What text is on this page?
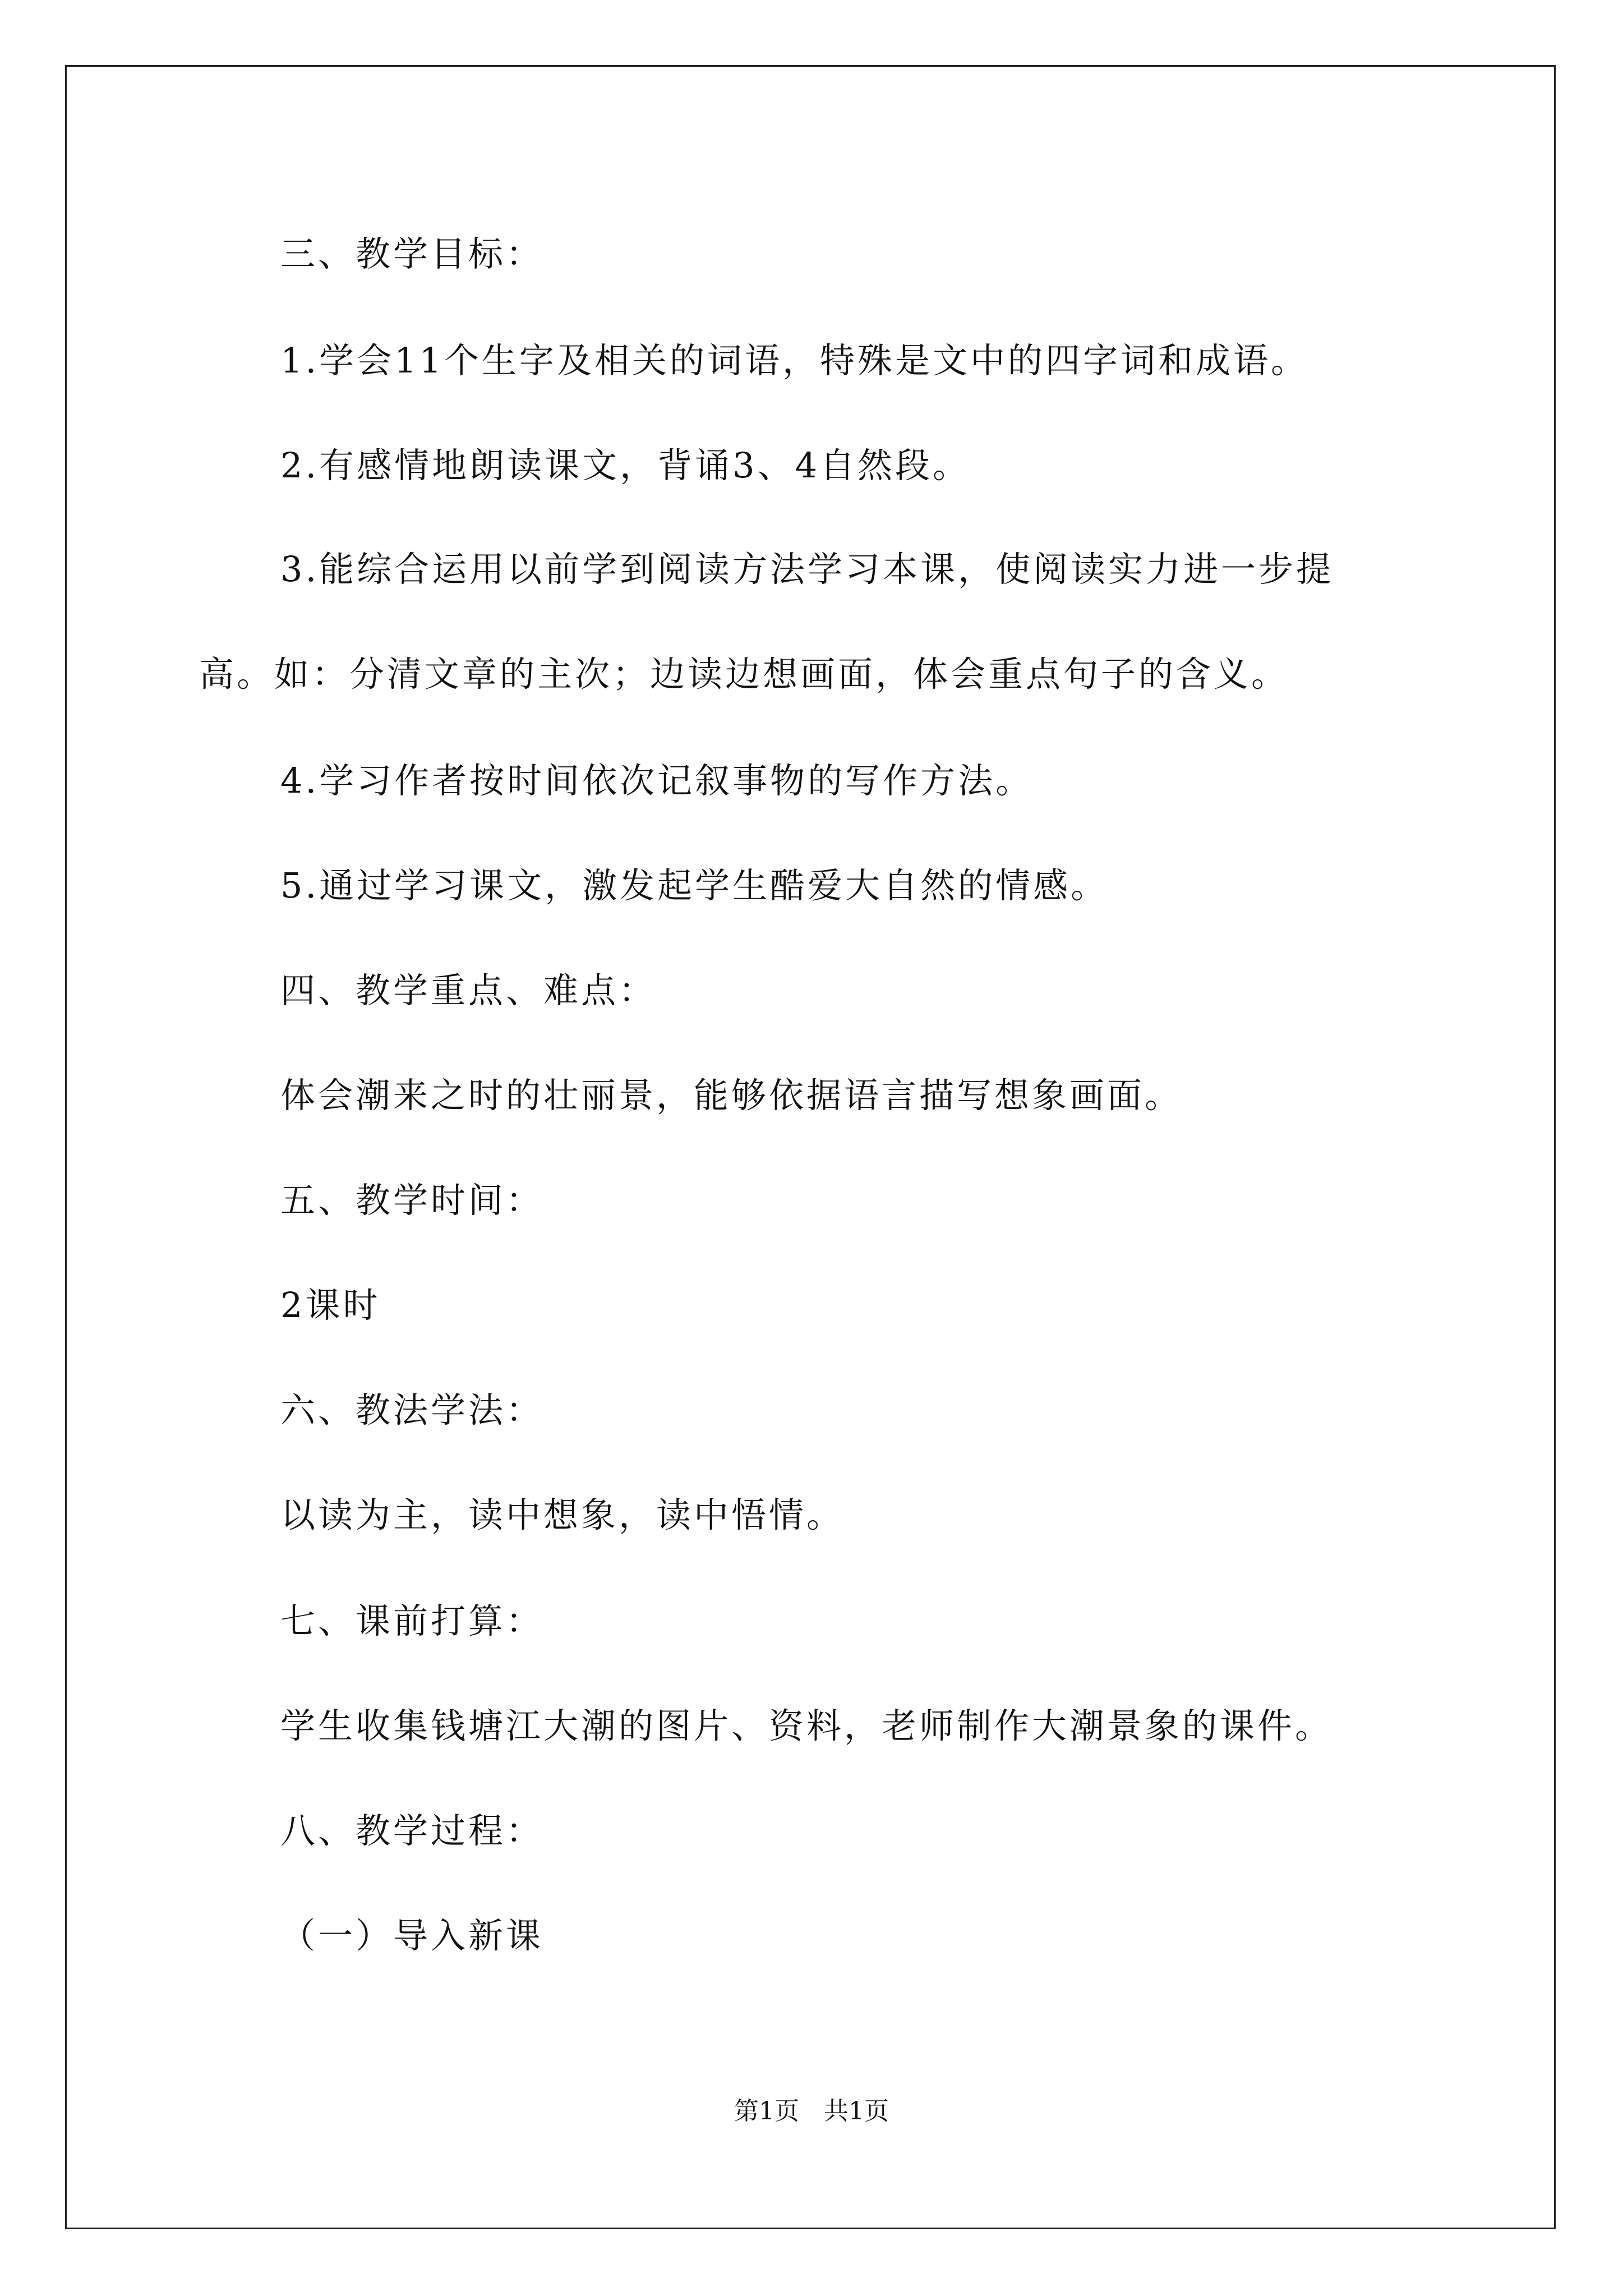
三、教学目标：
1.学会11个生字及相关的词语，特殊是文中的四字词和成语。
2.有感情地朗读课文，背诵3、4自然段。
3.能综合运用以前学到阅读方法学习本课，使阅读实力进一步提
高。如：分清文章的主次；边读边想画面，体会重点句子的含义。
4.学习作者按时间依次记叙事物的写作方法。
5.通过学习课文，激发起学生酷爱大自然的情感。
四、教学重点、难点：
体会潮来之时的壮丽景，能够依据语言描写想象画面。
五、教学时间：
2课时
六、教法学法：
以读为主，读中想象，读中悟情。
七、课前打算：
学生收集钱塘江大潮的图片、资料，老师制作大潮景象的课件。
八、教学过程：
（一）导入新课
第1页 共1页
